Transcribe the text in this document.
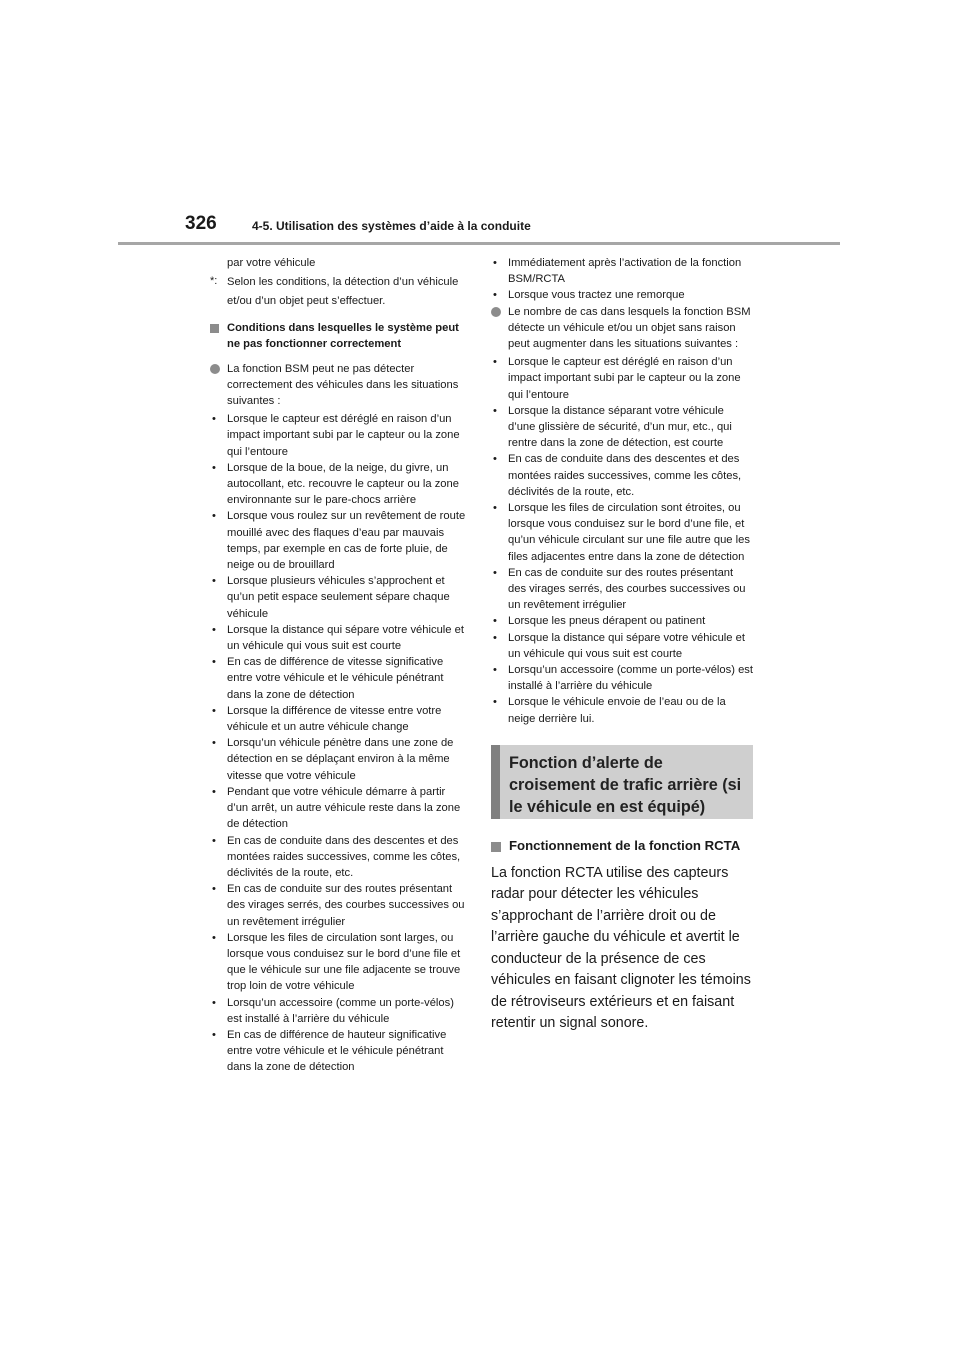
326	4-5. Utilisation des systèmes d’aide à la conduite
par votre véhicule
*: Selon les conditions, la détection d’un véhicule et/ou d’un objet peut s’effectuer.
Conditions dans lesquelles le système peut ne pas fonctionner correctement
La fonction BSM peut ne pas détecter correctement des véhicules dans les situations suivantes :
• Lorsque le capteur est déréglé en raison d’un impact important subi par le capteur ou la zone qui l’entoure
• Lorsque de la boue, de la neige, du givre, un autocollant, etc. recouvre le capteur ou la zone environnante sur le pare-chocs arrière
• Lorsque vous roulez sur un revêtement de route mouillé avec des flaques d’eau par mauvais temps, par exemple en cas de forte pluie, de neige ou de brouillard
• Lorsque plusieurs véhicules s’approchent et qu’un petit espace seulement sépare chaque véhicule
• Lorsque la distance qui sépare votre véhicule et un véhicule qui vous suit est courte
• En cas de différence de vitesse significative entre votre véhicule et le véhicule pénétrant dans la zone de détection
• Lorsque la différence de vitesse entre votre véhicule et un autre véhicule change
• Lorsqu’un véhicule pénètre dans une zone de détection en se déplaçant environ à la même vitesse que votre véhicule
• Pendant que votre véhicule démarre à partir d’un arrêt, un autre véhicule reste dans la zone de détection
• En cas de conduite dans des descentes et des montées raides successives, comme les côtes, déclivités de la route, etc.
• En cas de conduite sur des routes présentant des virages serrés, des courbes successives ou un revêtement irrégulier
• Lorsque les files de circulation sont larges, ou lorsque vous conduisez sur le bord d’une file et que le véhicule sur une file adjacente se trouve trop loin de votre véhicule
• Lorsqu’un accessoire (comme un porte-vélos) est installé à l’arrière du véhicule
• En cas de différence de hauteur significative entre votre véhicule et le véhicule pénétrant dans la zone de détection
• Immédiatement après l’activation de la fonction BSM/RCTA
• Lorsque vous tractez une remorque
Le nombre de cas dans lesquels la fonction BSM détecte un véhicule et/ou un objet sans raison peut augmenter dans les situations suivantes :
• Lorsque le capteur est déréglé en raison d’un impact important subi par le capteur ou la zone qui l’entoure
• Lorsque la distance séparant votre véhicule d’une glissière de sécurité, d’un mur, etc., qui rentre dans la zone de détection, est courte
• En cas de conduite dans des descentes et des montées raides successives, comme les côtes, déclivités de la route, etc.
• Lorsque les files de circulation sont étroites, ou lorsque vous conduisez sur le bord d’une file, et qu’un véhicule circulant sur une file autre que les files adjacentes entre dans la zone de détection
• En cas de conduite sur des routes présentant des virages serrés, des courbes successives ou un revêtement irrégulier
• Lorsque les pneus dérapent ou patinent
• Lorsque la distance qui sépare votre véhicule et un véhicule qui vous suit est courte
• Lorsqu’un accessoire (comme un porte-vélos) est installé à l’arrière du véhicule
• Lorsque le véhicule envoie de l’eau ou de la neige derrière lui.
Fonction d’alerte de croisement de trafic arrière (si le véhicule en est équipé)
Fonctionnement de la fonction RCTA
La fonction RCTA utilise des capteurs radar pour détecter les véhicules s’approchant de l’arrière droit ou de l’arrière gauche du véhicule et avertit le conducteur de la présence de ces véhicules en faisant clignoter les témoins de rétroviseurs extérieurs et en faisant retentir un signal sonore.
